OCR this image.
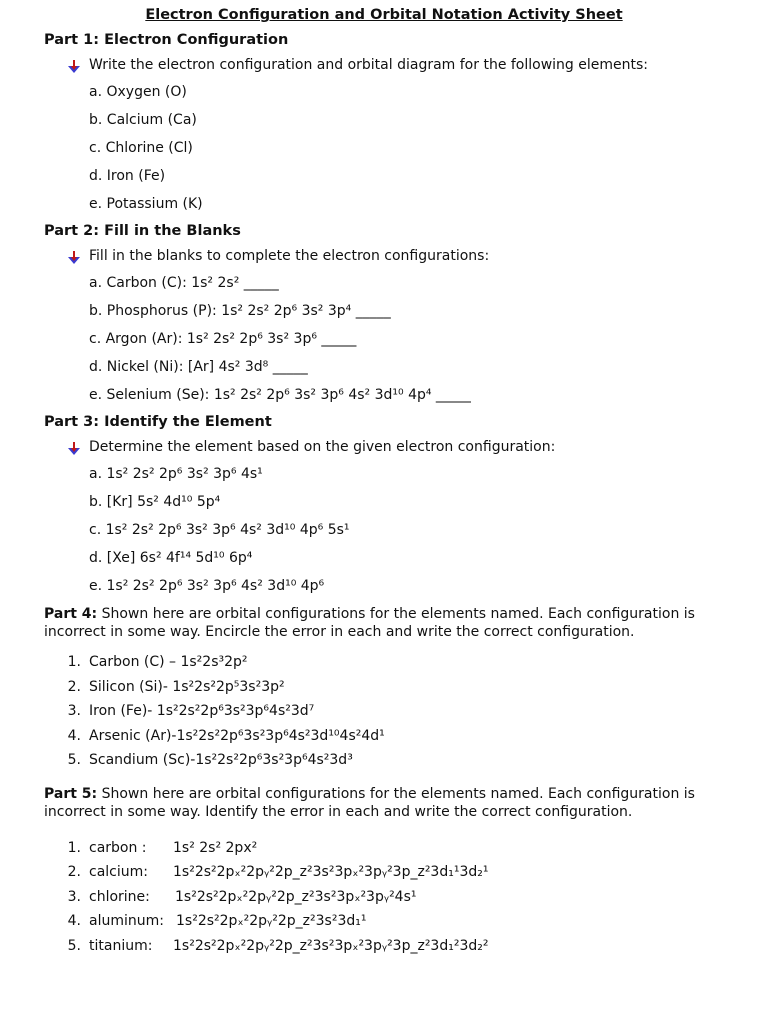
Electron Configuration and Orbital Notation Activity Sheet
Part 1: Electron Configuration
Write the electron configuration and orbital diagram for the following elements:
a. Oxygen (O)
b. Calcium (Ca)
c. Chlorine (Cl)
d. Iron (Fe)
e. Potassium (K)
Part 2: Fill in the Blanks
Fill in the blanks to complete the electron configurations:
a. Carbon (C): 1s² 2s² _____
b. Phosphorus (P): 1s² 2s² 2p⁶ 3s² 3p⁴ _____
c. Argon (Ar): 1s² 2s² 2p⁶ 3s² 3p⁶ _____
d. Nickel (Ni): [Ar] 4s² 3d⁸ _____
e. Selenium (Se): 1s² 2s² 2p⁶ 3s² 3p⁶ 4s² 3d¹⁰ 4p⁴ _____
Part 3: Identify the Element
Determine the element based on the given electron configuration:
a. 1s² 2s² 2p⁶ 3s² 3p⁶ 4s¹
b. [Kr] 5s² 4d¹⁰ 5p⁴
c. 1s² 2s² 2p⁶ 3s² 3p⁶ 4s² 3d¹⁰ 4p⁶ 5s¹
d. [Xe] 6s² 4f¹⁴ 5d¹⁰ 6p⁴
e. 1s² 2s² 2p⁶ 3s² 3p⁶ 4s² 3d¹⁰ 4p⁶
Part 4: Shown here are orbital configurations for the elements named. Each configuration is incorrect in some way. Encircle the error in each and write the correct configuration.
1. Carbon (C) – 1s²2s³2p²
2. Silicon (Si)- 1s²2s²2p⁵3s²3p²
3. Iron (Fe)- 1s²2s²2p⁶3s²3p⁶4s²3d⁷
4. Arsenic (Ar)-1s²2s²2p⁶3s²3p⁶4s²3d¹⁰4s²4d¹
5. Scandium (Sc)-1s²2s²2p⁶3s²3p⁶4s²3d³
Part 5: Shown here are orbital configurations for the elements named. Each configuration is incorrect in some way. Identify the error in each and write the correct configuration.
1. carbon :	1s² 2s² 2px²
2. calcium:	1s²2s²2pₓ²2pᵧ²2p_z²3s²3pₓ²3pᵧ²3p_z²3d₁¹3d₂¹
3. chlorine:	1s²2s²2pₓ²2pᵧ²2p_z²3s²3pₓ²3pᵧ²4s¹
4. aluminum: 1s²2s²2pₓ²2pᵧ²2p_z²3s²3d₁¹
5. titanium:	1s²2s²2pₓ²2pᵧ²2p_z²3s²3pₓ²3pᵧ²3p_z²3d₁²3d₂²
